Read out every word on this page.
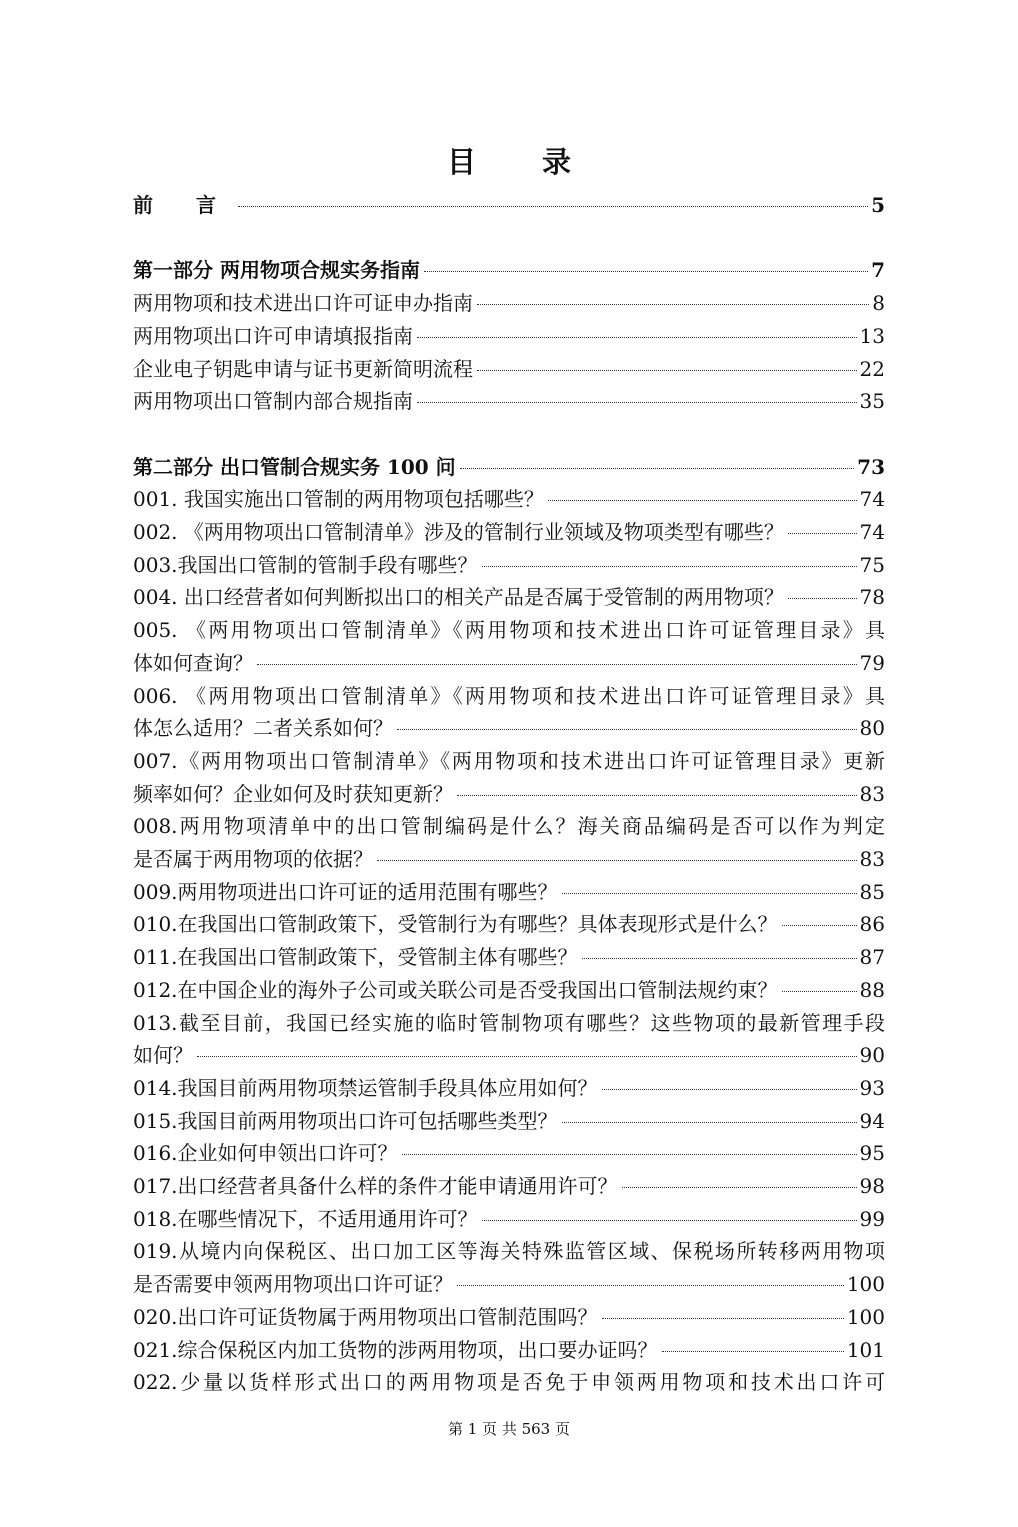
目 录
前 言	5
第一部分 两用物项合规实务指南	7
两用物项和技术进出口许可证申办指南	8
两用物项出口许可申请填报指南	13
企业电子钥匙申请与证书更新简明流程	22
两用物项出口管制内部合规指南	35
第二部分 出口管制合规实务 100 问	73
001. 我国实施出口管制的两用物项包括哪些？	74
002. 《两用物项出口管制清单》涉及的管制行业领域及物项类型有哪些？	74
003.我国出口管制的管制手段有哪些？	75
004. 出口经营者如何判断拟出口的相关产品是否属于受管制的两用物项？	78
005. 《两用物项出口管制清单》《两用物项和技术进出口许可证管理目录》具
体如何查询？	79
006. 《两用物项出口管制清单》《两用物项和技术进出口许可证管理目录》具
体怎么适用？二者关系如何？	80
007.《两用物项出口管制清单》《两用物项和技术进出口许可证管理目录》更新
频率如何？企业如何及时获知更新？	83
008.两用物项清单中的出口管制编码是什么？海关商品编码是否可以作为判定
是否属于两用物项的依据？	83
009.两用物项进出口许可证的适用范围有哪些？	85
010.在我国出口管制政策下，受管制行为有哪些？具体表现形式是什么？	86
011.在我国出口管制政策下，受管制主体有哪些？	87
012.在中国企业的海外子公司或关联公司是否受我国出口管制法规约束？	88
013.截至目前，我国已经实施的临时管制物项有哪些？这些物项的最新管理手段
如何？	90
014.我国目前两用物项禁运管制手段具体应用如何？	93
015.我国目前两用物项出口许可包括哪些类型？	94
016.企业如何申领出口许可？	95
017.出口经营者具备什么样的条件才能申请通用许可？	98
018.在哪些情况下，不适用通用许可？	99
019.从境内向保税区、出口加工区等海关特殊监管区域、保税场所转移两用物项
是否需要申领两用物项出口许可证？	100
020.出口许可证货物属于两用物项出口管制范围吗？	100
021.综合保税区内加工货物的涉两用物项，出口要办证吗？	101
022.少量以货样形式出口的两用物项是否免于申领两用物项和技术出口许可
第 1 页 共 563 页
